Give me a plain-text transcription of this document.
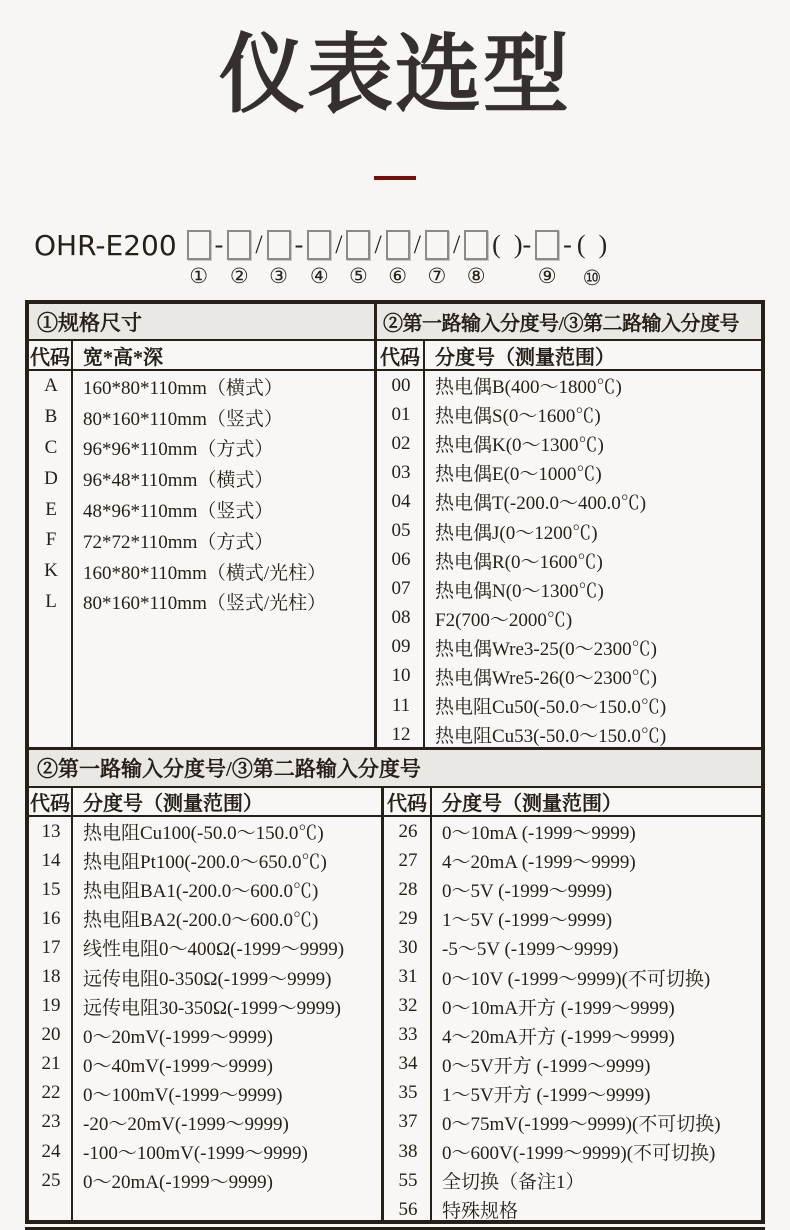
仪表选型
OHR-E200
①
-
②
/
③
-
④
/
⑤
/
⑥
/
⑦
/
⑧
(  )-
⑨
- (  )
⑩
①规格尺寸	②第一路输入分度号/③第二路输入分度号
代码 宽*高*深
A	160*80*110mm（横式）
B	80*160*110mm（竖式）
C	96*96*110mm（方式）
D	96*48*110mm（横式）
E	48*96*110mm（竖式）
F	72*72*110mm（方式）
K	160*80*110mm（横式/光柱）
L	80*160*110mm（竖式/光柱）
代码 分度号（测量范围）
00	热电偶B(400～1800℃)
01	热电偶S(0～1600℃)
02	热电偶K(0～1300℃)
03	热电偶E(0～1000℃)
04	热电偶T(-200.0～400.0℃)
05	热电偶J(0～1200℃)
06	热电偶R(0～1600℃)
07	热电偶N(0～1300℃)
08	F2(700～2000℃)
09	热电偶Wre3-25(0～2300℃)
10	热电偶Wre5-26(0～2300℃)
11	热电阻Cu50(-50.0～150.0℃)
12	热电阻Cu53(-50.0～150.0℃)
②第一路输入分度号/③第二路输入分度号
代码 分度号（测量范围）
13	热电阻Cu100(-50.0～150.0℃)
14	热电阻Pt100(-200.0～650.0℃)
15	热电阻BA1(-200.0～600.0℃)
16	热电阻BA2(-200.0～600.0℃)
17	线性电阻0～400Ω(-1999～9999)
18	远传电阻0-350Ω(-1999～9999)
19	远传电阻30-350Ω(-1999～9999)
20	0～20mV(-1999～9999)
21	0～40mV(-1999～9999)
22	0～100mV(-1999～9999)
23	-20～20mV(-1999～9999)
24	-100～100mV(-1999～9999)
25	0～20mA(-1999～9999)
代码 分度号（测量范围）
26	0～10mA (-1999～9999)
27	4～20mA (-1999～9999)
28	0～5V (-1999～9999)
29	1～5V (-1999～9999)
30	-5～5V (-1999～9999)
31	0～10V (-1999～9999)(不可切换)
32	0～10mA开方 (-1999～9999)
33	4～20mA开方 (-1999～9999)
34	0～5V开方 (-1999～9999)
35	1～5V开方 (-1999～9999)
37	0～75mV(-1999～9999)(不可切换)
38	0～600V(-1999～9999)(不可切换)
55	全切换（备注1）
56	特殊规格
